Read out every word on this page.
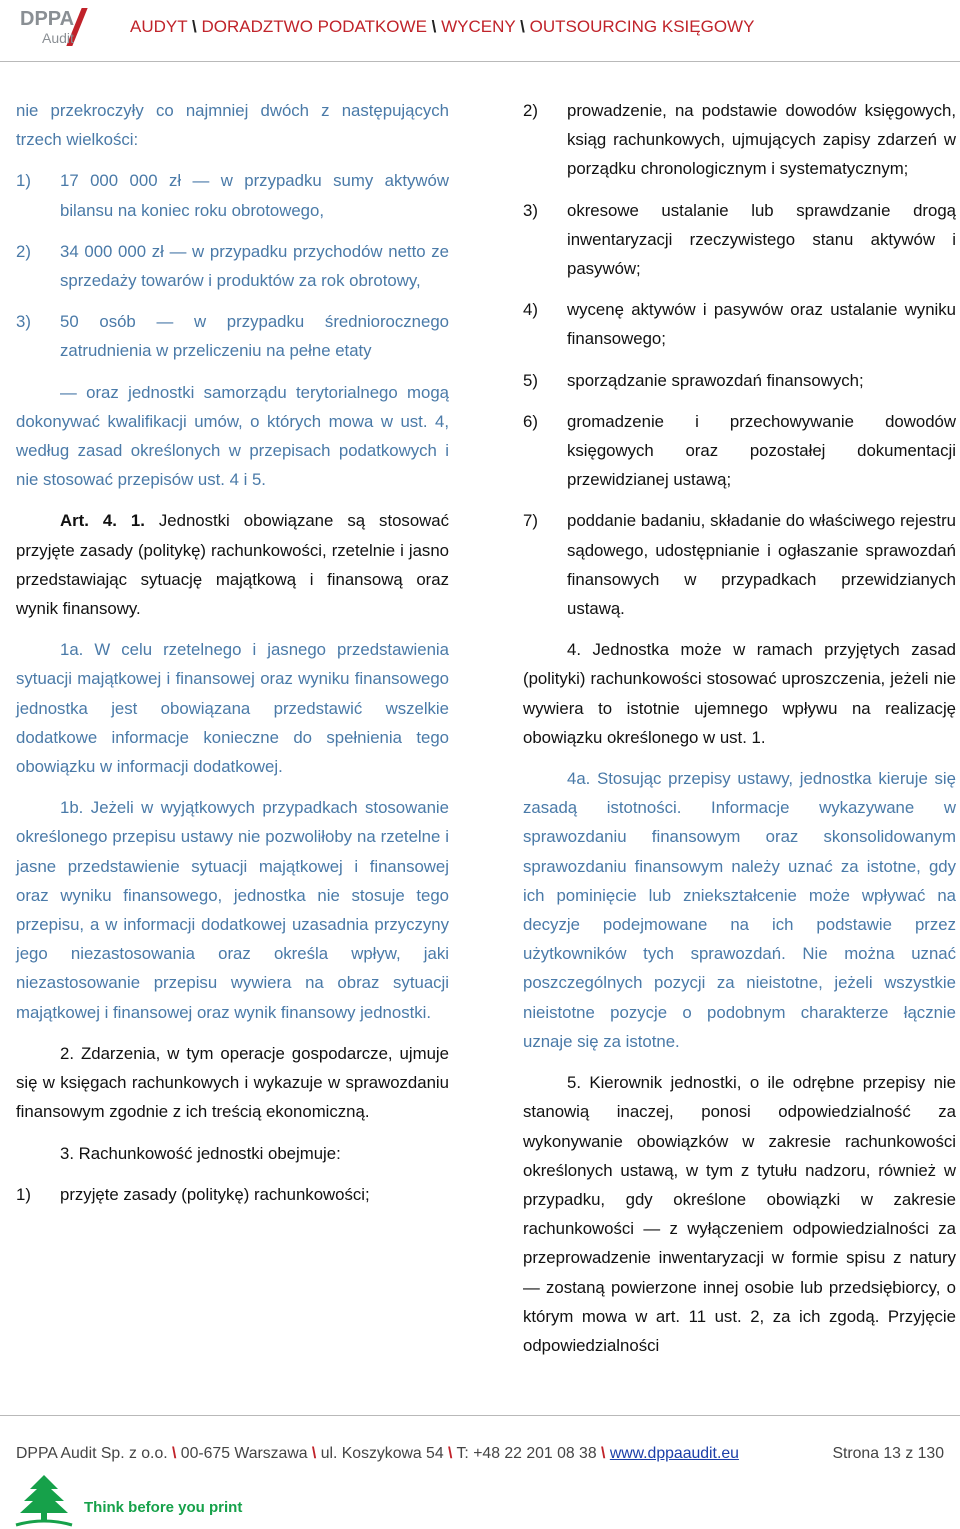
DPPA
Audit
AUDYT \ DORADZTWO PODATKOWE \ WYCENY \ OUTSOURCING KSIĘGOWY

nie przekroczyły co najmniej dwóch z następujących trzech wielkości:

1) 17 000 000 zł — w przypadku sumy aktywów bilansu na koniec roku obrotowego,
2) 34 000 000 zł — w przypadku przychodów netto ze sprzedaży towarów i produktów za rok obrotowy,
3) 50 osób — w przypadku średniorocznego zatrudnienia w przeliczeniu na pełne etaty

— oraz jednostki samorządu terytorialnego mogą dokonywać kwalifikacji umów, o których mowa w ust. 4, według zasad określonych w przepisach podatkowych i nie stosować przepisów ust. 4 i 5.

Art. 4. 1. Jednostki obowiązane są stosować przyjęte zasady (politykę) rachunkowości, rzetelnie i jasno przedstawiając sytuację majątkową i finansową oraz wynik finansowy.

1a. W celu rzetelnego i jasnego przedstawienia sytuacji majątkowej i finansowej oraz wyniku finansowego jednostka jest obowiązana przedstawić wszelkie dodatkowe informacje konieczne do spełnienia tego obowiązku w informacji dodatkowej.

1b. Jeżeli w wyjątkowych przypadkach stosowanie określonego przepisu ustawy nie pozwoliłoby na rzetelne i jasne przedstawienie sytuacji majątkowej i finansowej oraz wyniku finansowego, jednostka nie stosuje tego przepisu, a w informacji dodatkowej uzasadnia przyczyny jego niezastosowania oraz określa wpływ, jaki niezastosowanie przepisu wywiera na obraz sytuacji majątkowej i finansowej oraz wynik finansowy jednostki.

2. Zdarzenia, w tym operacje gospodarcze, ujmuje się w księgach rachunkowych i wykazuje w sprawozdaniu finansowym zgodnie z ich treścią ekonomiczną.

3. Rachunkowość jednostki obejmuje:

1) przyjęte zasady (politykę) rachunkowości;
2) prowadzenie, na podstawie dowodów księgowych, ksiąg rachunkowych, ujmujących zapisy zdarzeń w porządku chronologicznym i systematycznym;
3) okresowe ustalanie lub sprawdzanie drogą inwentaryzacji rzeczywistego stanu aktywów i pasywów;
4) wycenę aktywów i pasywów oraz ustalanie wyniku finansowego;
5) sporządzanie sprawozdań finansowych;
6) gromadzenie i przechowywanie dowodów księgowych oraz pozostałej dokumentacji przewidzianej ustawą;
7) poddanie badaniu, składanie do właściwego rejestru sądowego, udostępnianie i ogłaszanie sprawozdań finansowych w przypadkach przewidzianych ustawą.

4. Jednostka może w ramach przyjętych zasad (polityki) rachunkowości stosować uproszczenia, jeżeli nie wywiera to istotnie ujemnego wpływu na realizację obowiązku określonego w ust. 1.

4a. Stosując przepisy ustawy, jednostka kieruje się zasadą istotności. Informacje wykazywane w sprawozdaniu finansowym oraz skonsolidowanym sprawozdaniu finansowym należy uznać za istotne, gdy ich pominięcie lub zniekształcenie może wpływać na decyzje podejmowane na ich podstawie przez użytkowników tych sprawozdań. Nie można uznać poszczególnych pozycji za nieistotne, jeżeli wszystkie nieistotne pozycje o podobnym charakterze łącznie uznaje się za istotne.

5. Kierownik jednostki, o ile odrębne przepisy nie stanowią inaczej, ponosi odpowiedzialność za wykonywanie obowiązków w zakresie rachunkowości określonych ustawą, w tym z tytułu nadzoru, również w przypadku, gdy określone obowiązki w zakresie rachunkowości — z wyłączeniem odpowiedzialności za przeprowadzenie inwentaryzacji w formie spisu z natury — zostaną powierzone innej osobie lub przedsiębiorcy, o którym mowa w art. 11 ust. 2, za ich zgodą. Przyjęcie odpowiedzialności

DPPA Audit Sp. z o.o. \ 00-675 Warszawa \ ul. Koszykowa 54 \ T: +48 22 201 08 38 \ www.dppaaudit.eu	Strona 13 z 130
Think before you print
